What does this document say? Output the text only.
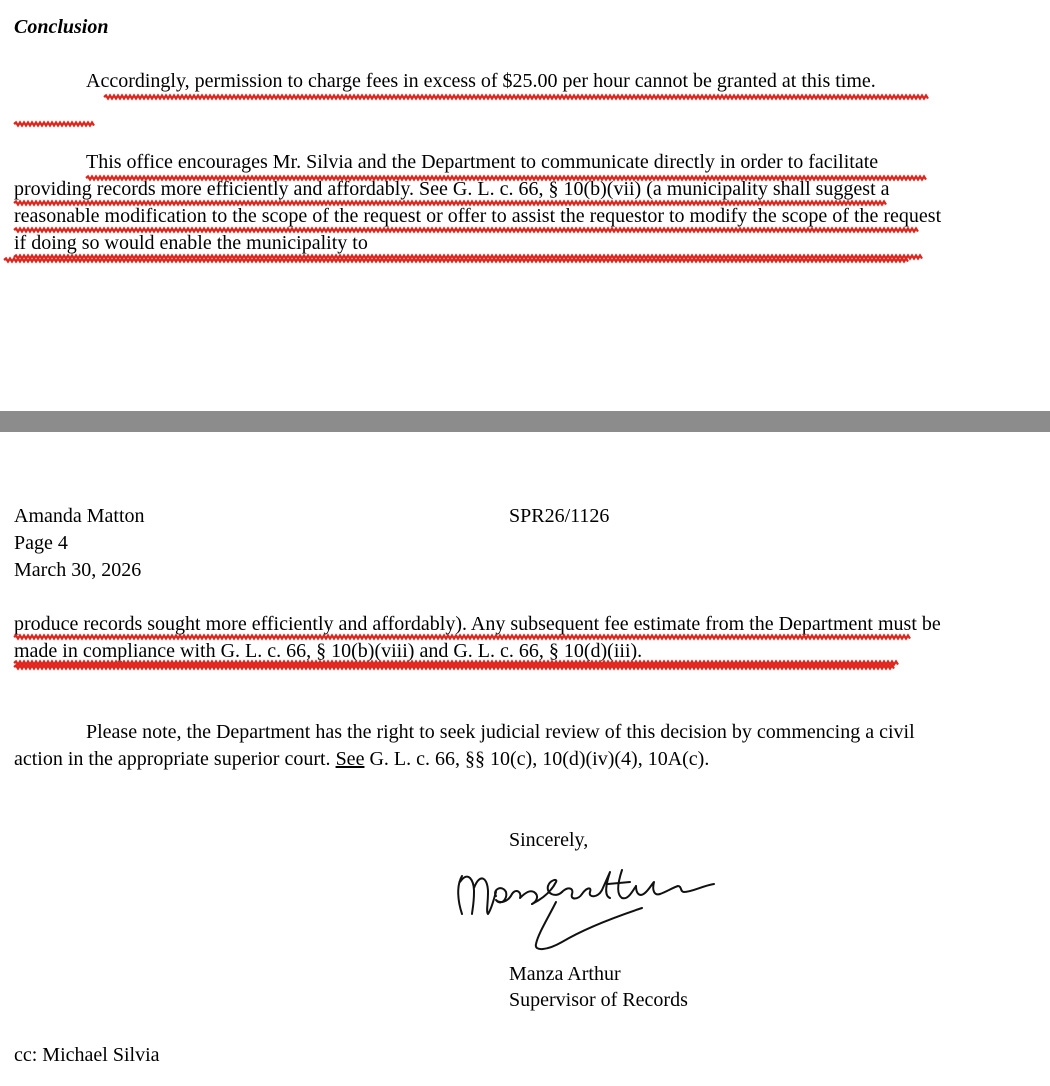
Conclusion
Accordingly, permission to charge fees in excess of $25.00 per hour cannot be granted at this time.
This office encourages Mr. Silvia and the Department to communicate directly in order to facilitate providing records more efficiently and affordably. See G. L. c. 66, § 10(b)(vii) (a municipality shall suggest a reasonable modification to the scope of the request or offer to assist the requestor to modify the scope of the request if doing so would enable the municipality to
Amanda Matton
Page 4
March 30, 2026
SPR26/1126
produce records sought more efficiently and affordably). Any subsequent fee estimate from the Department must be made in compliance with G. L. c. 66, § 10(b)(viii) and G. L. c. 66, § 10(d)(iii).
Please note, the Department has the right to seek judicial review of this decision by commencing a civil action in the appropriate superior court. See G. L. c. 66, §§ 10(c), 10(d)(iv)(4), 10A(c).
Sincerely,
Manza Arthur
Supervisor of Records
cc: Michael Silvia
